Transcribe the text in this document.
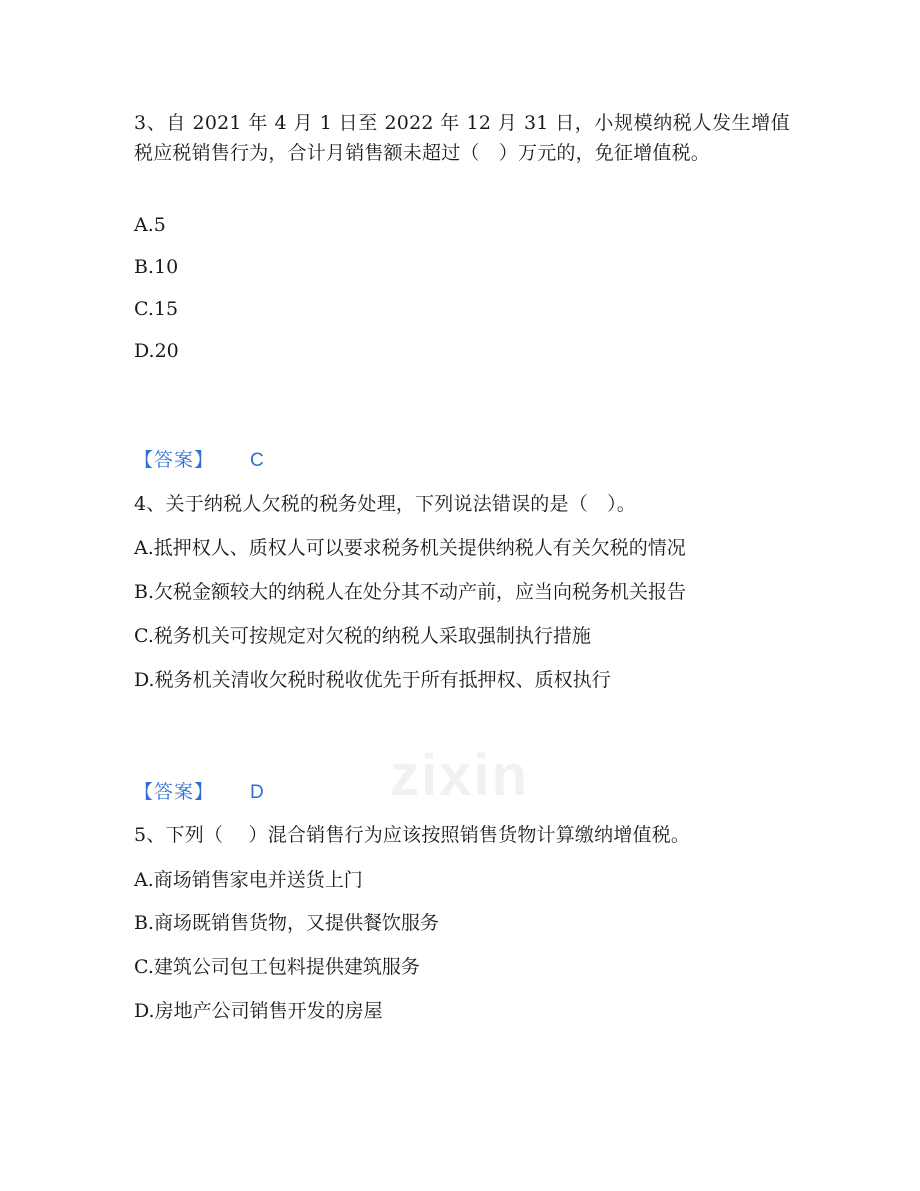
3、自 2021 年 4 月 1 日至 2022 年 12 月 31 日，小规模纳税人发生增值税应税销售行为，合计月销售额未超过（　）万元的，免征增值税。
A.5
B.10
C.15
D.20
【答案】 C
4、关于纳税人欠税的税务处理，下列说法错误的是（　）。
A.抵押权人、质权人可以要求税务机关提供纳税人有关欠税的情况
B.欠税金额较大的纳税人在处分其不动产前，应当向税务机关报告
C.税务机关可按规定对欠税的纳税人采取强制执行措施
D.税务机关清收欠税时税收优先于所有抵押权、质权执行
zixin
【答案】 D
5、下列（　 ）混合销售行为应该按照销售货物计算缴纳增值税。
A.商场销售家电并送货上门
B.商场既销售货物，又提供餐饮服务
C.建筑公司包工包料提供建筑服务
D.房地产公司销售开发的房屋
